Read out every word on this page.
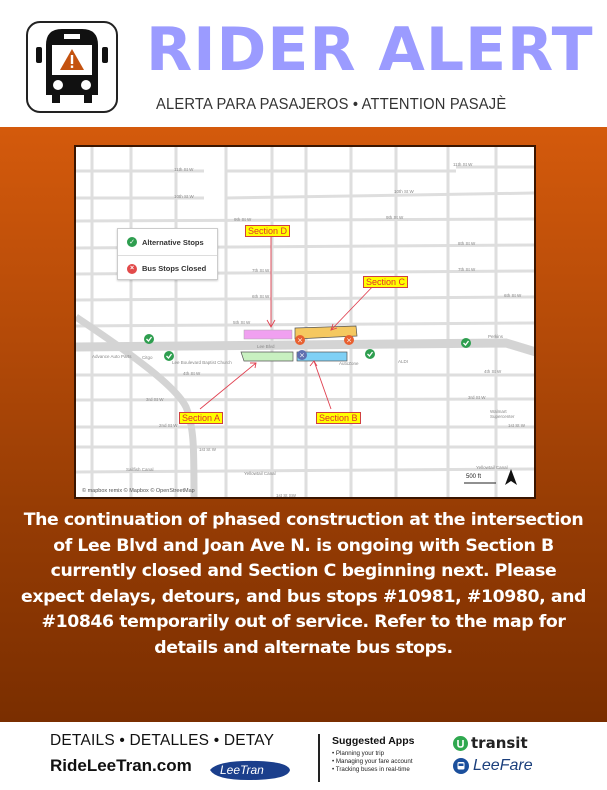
RIDER ALERT
ALERTA PARA PASAJEROS • ATTENTION PASAJÈ
×	×
×
✓ Alternative Stops
×	Bus Stops Closed
Section D
Section C
Section A	Section B
11th St W
11th St W
10th St W
10th St W
9th St W	9th St W
8th St W
7th St W	7th St W
6th St W	6th St W
5th St W
Lee Blvd
4th St W	4th St W
3rd St W	3rd St W
2nd St W
1st St W
1st St W
Sailfish Canal
Yellowtail Canal
Yellowtail Canal
1st St SW
Advance Auto Parts Citgo
Lee Boulevard Baptist Church	AutoZone	ALDI
Perkins
Walmart Supercenter
500 ft
© mapbox remix © Mapbox © OpenStreetMap
The continuation of phased construction at the intersection of Lee Blvd and Joan Ave N. is ongoing with Section B currently closed and Section C beginning next. Please expect delays, detours, and bus stops #10981, #10980, and #10846 temporarily out of service. Refer to the map for details and alternate bus stops.
DETAILS • DETALLES • DETAY
RideLeeTran.com LeeTran
Suggested Apps
• Planning your trip
• Managing your fare account
• Tracking buses in real-time
transit
LeeFare
